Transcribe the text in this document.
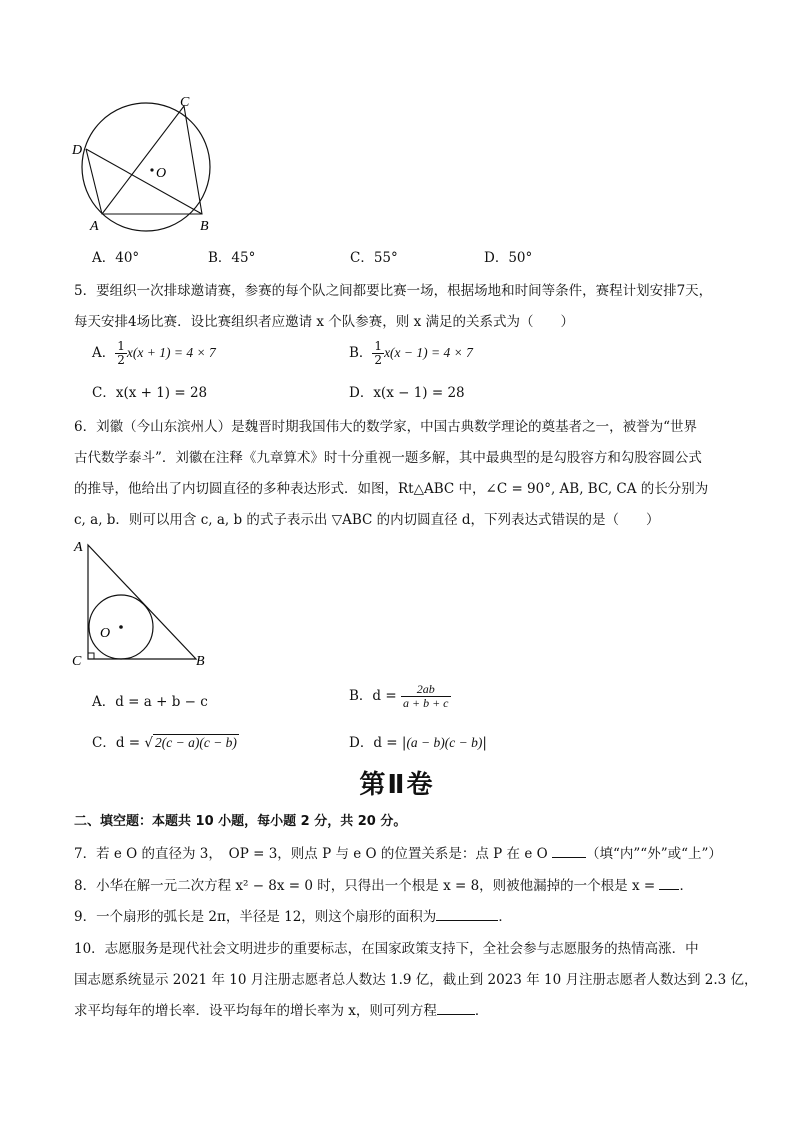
C
D
O
A	B
A．40°	B．45°	C．55°	D．50°
5．要组织一次排球邀请赛，参赛的每个队之间都要比赛一场，根据场地和时间等条件，赛程计划安排7天，
每天安排4场比赛．设比赛组织者应邀请 x 个队参赛，则 x 满足的关系式为（　　）
A． $\frac{1}{2} x(x + 1) = 4 \times 7$	B． $\frac{1}{2} x(x - 1) = 4 \times 7$
C．x(x + 1) = 28	D．x(x − 1) = 28
6．刘徽（今山东滨州人）是魏晋时期我国伟大的数学家，中国古典数学理论的奠基者之一，被誉为“世界
古代数学泰斗”．刘徽在注释《九章算术》时十分重视一题多解，其中最典型的是勾股容方和勾股容圆公式
的推导，他给出了内切圆直径的多种表达形式．如图，Rt△ABC 中，∠C = 90°, AB, BC, CA 的长分别为
c, a, b．则可以用含 c, a, b 的式子表示出 ▽ABC 的内切圆直径 d，下列表达式错误的是（　　）
A
O
C	B
A．d = a + b − c	B．$d = \frac{2ab}{a + b + c}$
C．d = √ 2(c − a)(c − b)	D．d = |(a − b)(c − b)|
第Ⅱ卷
二、填空题：本题共 10 小题，每小题 2 分，共 20 分。
7．若 e O 的直径为 3，　OP = 3，则点 P 与 e O 的位置关系是：点 P 在 e O	（填“内”“外”或“上”）
8．小华在解一元二次方程 x² − 8x = 0 时，只得出一个根是 x = 8，则被他漏掉的一个根是 x = ．
9．一个扇形的弧长是 2π，半径是 12，则这个扇形的面积为	．
10．志愿服务是现代社会文明进步的重要标志，在国家政策支持下，全社会参与志愿服务的热情高涨．中
国志愿系统显示 2021 年 10 月注册志愿者总人数达 1.9 亿，截止到 2023 年 10 月注册志愿者人数达到 2.3 亿，
求平均每年的增长率．设平均每年的增长率为 x，则可列方程	．
